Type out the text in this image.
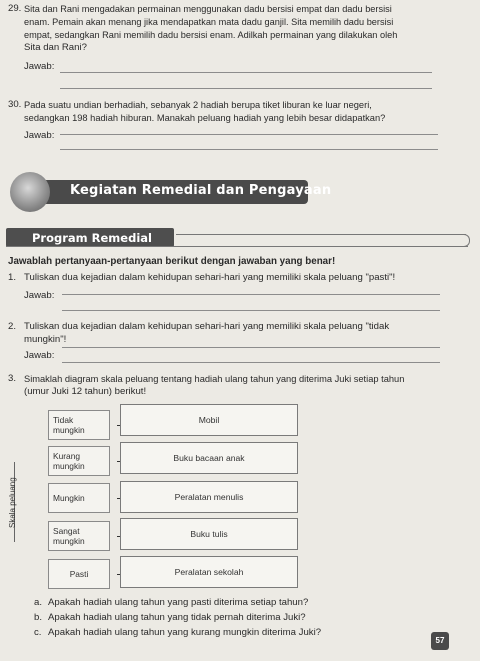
29. Sita dan Rani mengadakan permainan menggunakan dadu bersisi empat dan dadu bersisi
enam. Pemain akan menang jika mendapatkan mata dadu ganjil. Sita memilih dadu bersisi
empat, sedangkan Rani memilih dadu bersisi enam. Adilkah permainan yang dilakukan oleh
Sita dan Rani?
Jawab:
30. Pada suatu undian berhadiah, sebanyak 2 hadiah berupa tiket liburan ke luar negeri,
sedangkan 198 hadiah hiburan. Manakah peluang hadiah yang lebih besar didapatkan?
Jawab:
Kegiatan Remedial dan Pengayaan
Program Remedial
Jawablah pertanyaan-pertanyaan berikut dengan jawaban yang benar!
1. Tuliskan dua kejadian dalam kehidupan sehari-hari yang memiliki skala peluang "pasti"!
Jawab:
2. Tuliskan dua kejadian dalam kehidupan sehari-hari yang memiliki skala peluang "tidak
mungkin"!
Jawab:
3. Simaklah diagram skala peluang tentang hadiah ulang tahun yang diterima Juki setiap tahun
(umur Juki 12 tahun) berikut!
Skala peluang
Tidak mungkin
Mobil
Kurang mungkin
Buku bacaan anak
Mungkin	Peralatan menulis
Sangat mungkin
Buku tulis
Pasti	Peralatan sekolah
a. Apakah hadiah ulang tahun yang pasti diterima setiap tahun?
b. Apakah hadiah ulang tahun yang tidak pernah diterima Juki?
c. Apakah hadiah ulang tahun yang kurang mungkin diterima Juki?
57
